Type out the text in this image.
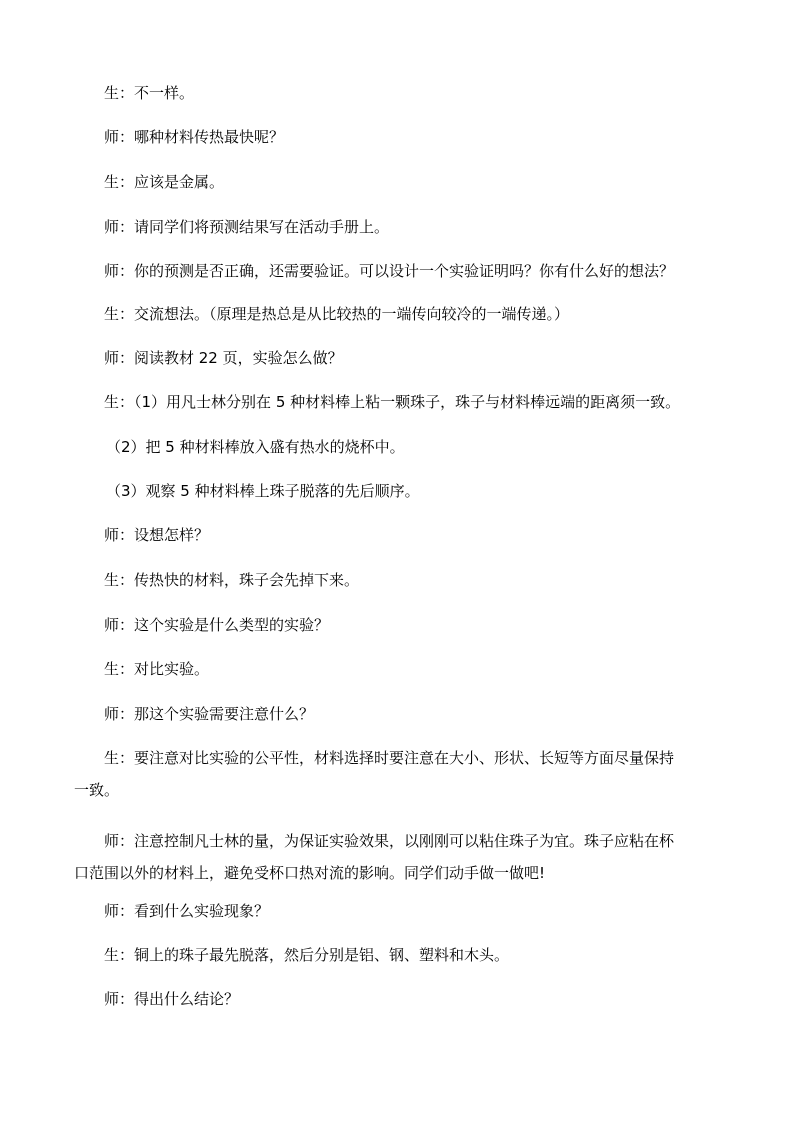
生：不一样。
师：哪种材料传热最快呢？
生：应该是金属。
师：请同学们将预测结果写在活动手册上。
师：你的预测是否正确，还需要验证。可以设计一个实验证明吗？你有什么好的想法？
生：交流想法。（原理是热总是从比较热的一端传向较冷的一端传递。）
师：阅读教材 22 页，实验怎么做？
生：（1）用凡士林分别在 5 种材料棒上粘一颗珠子，珠子与材料棒远端的距离须一致。
（2）把 5 种材料棒放入盛有热水的烧杯中。
（3）观察 5 种材料棒上珠子脱落的先后顺序。
师：设想怎样？
生：传热快的材料，珠子会先掉下来。
师：这个实验是什么类型的实验？
生：对比实验。
师：那这个实验需要注意什么？
生：要注意对比实验的公平性，材料选择时要注意在大小、形状、长短等方面尽量保持
一致。
师：注意控制凡士林的量，为保证实验效果，以刚刚可以粘住珠子为宜。珠子应粘在杯
口范围以外的材料上，避免受杯口热对流的影响。同学们动手做一做吧!
师：看到什么实验现象？
生：铜上的珠子最先脱落，然后分别是铝、钢、塑料和木头。
师：得出什么结论？
